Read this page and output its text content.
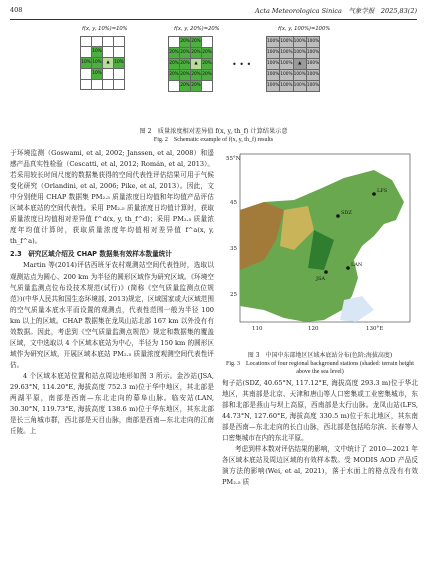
408	Acta Meteorologica Sinica　气象学报　2025,83(2)
f(x, y, 10%)=10%	f(x, y, 20%)=20%	f(x, y, 100%)=100%

	10%		
10%	10%	▲	10%
	10%		

	20%	20%	
20%	20%	20%	20%
20%	20%	▲	20%
20%	20%	20%	20%
	20%	20%	
• • •
100%	100%	100%	100%
100%	100%	100%	100%
100%	100%	▲	100%
100%	100%	100%	100%
100%	100%	100%	100%
图 2　质量浓度相对差异值 f(x, y, th_f) 计算结果示意
Fig. 2　Schematic example of f(x, y, th_f) results

于环境监测（Goswami, et al, 2002; Janssen, et al, 2008）和遥感产品真实性检验（Cescatti, et al, 2012; Román, et al, 2013）。若采用较长时间尺度的数据集获得的空间代表性评估结果可用于气候变化研究（Orlandini, et al, 2006; Pike, et al, 2013）。因此，文中分别使用 CHAP 数据集 PM₂.₅ 质量浓度日均值和年均值产品评估区域本底站的空间代表性。采用 PM₂.₅ 质量浓度日均值计算时，获取质量浓度日均值相对差异值 f^d(x, y, th_f^d)；采用 PM₂.₅ 质量浓度年均值计算时，获取质量浓度年均值相对差异值 f^a(x, y, th_f^a)。

2.3　研究区域介绍及 CHAP 数据集有效样本数量统计

Martin 等(2014)评估西班牙农村观测站空间代表性时，选取以观测站点为圆心、200 km 为半径的圆形区域作为研究区域。《环境空气质量监测点位布设技术规范(试行)》(简称《空气质量监测点位规范》)(中华人民共和国生态环境部, 2013)规定，区域国家或大区域范围的空气质量本底水平而设置的观测点，代表性范围一般为半径 100 km 以上的区域。CHAP 数据集在龙凤山站北部 167 km 以外没有有效数据。因此，考虑到《空气质量监测点规范》规定和数据集的覆盖区域，文中选取以 4 个区域本底站为中心，半径为 150 km 的圆形区域作为研究区域，开展区域本底站 PM₂.₅ 质量浓度观测空间代表性评估。

4 个区域本底站位置和站点周边地形如图 3 所示。金沙站(JSA, 29.63°N, 114.20°E, 海拔高度 752.3 m)位于华中地区，其北部是两湖平原，南部是西南—东北走向的幕阜山脉。临安站(LAN, 30.30°N, 119.73°E, 海拔高度 138.6 m)位于华东地区，其东北部是长三角城市群，西北部是天目山脉，南部是西南—东北走向的江南丘陵。上

55°N
45
35
25
110	120	130°E
LFS
SDZ
LAN
JSA
图 3　中国中东部地区区域本底站分布(色阶:海拔高度)
Fig. 3　Locations of four regional background stations (shaded: terrain height above the sea level)

甸子站(SDZ, 40.65°N, 117.12°E, 海拔高度 293.3 m)位于华北地区，其南部是北京、天津和唐山等人口密集或工业密集城市，东部和北部是燕山与坝上高原，西南部是太行山脉。龙凤山站(LFS, 44.73°N, 127.60°E, 海拔高度 330.5 m)位于东北地区，其东南部是西南—东北走向的长白山脉，西北部是包括哈尔滨、长春等人口密集城市在内的东北平原。

考虑到样本数对评估结果的影响，文中统计了 2010—2021 年各区域本底站及周边区域的有效样本数。受 MODIS AOD 产品反演方法的影响(Wei, et al, 2021)，落于水面上的格点没有有效 PM₂.₅ 质
